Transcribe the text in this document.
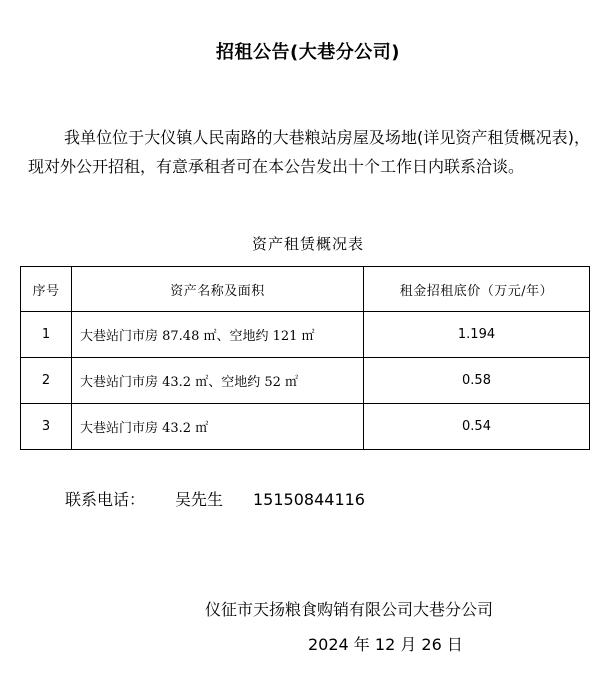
招租公告(大巷分公司)
我单位位于大仪镇人民南路的大巷粮站房屋及场地(详见资产租赁概况表)，现对外公开招租，有意承租者可在本公告发出十个工作日内联系洽谈。
资产租赁概况表
序号	资产名称及面积	租金招租底价（万元/年）
1	大巷站门市房 87.48 ㎡、空地约 121 ㎡	1.194
2	大巷站门市房 43.2 ㎡、空地约 52 ㎡	0.58
3	大巷站门市房 43.2 ㎡	0.54
联系电话： 吴先生 15150844116
仪征市天扬粮食购销有限公司大巷分公司
2024 年 12 月 26 日
